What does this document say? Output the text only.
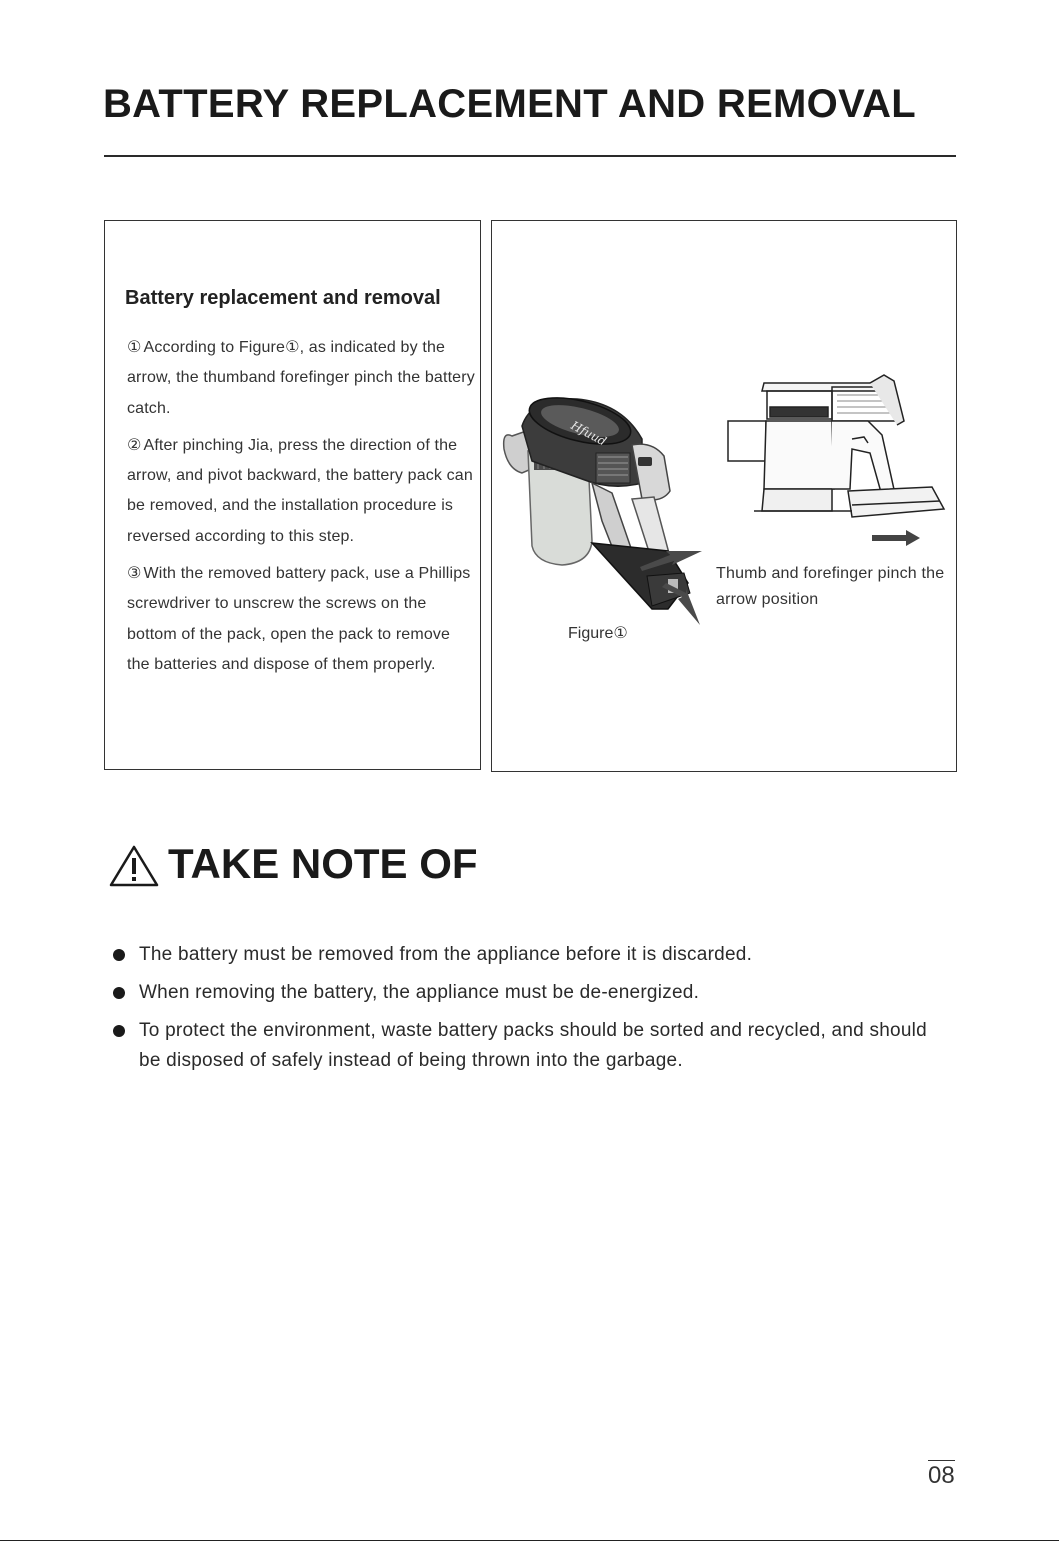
BATTERY REPLACEMENT AND REMOVAL
Battery replacement and removal

① According to Figure①, as indicated by the arrow, the thumband forefinger pinch the battery catch.

② After pinching Jia, press the direction of the arrow, and pivot backward, the battery pack can be removed, and the installation procedure is reversed according to this step.

③ With the removed battery pack, use a Phillips screwdriver to unscrew the screws on the bottom of the pack, open the pack to remove the batteries and dispose of them properly.

Hfuud
Thumb and forefinger pinch the arrow position
Figure①
TAKE NOTE OF
The battery must be removed from the appliance before it is discarded.
When removing the battery, the appliance must be de-energized.
To protect the environment, waste battery packs should be sorted and recycled, and should be disposed of safely instead of being thrown into the garbage.
08
